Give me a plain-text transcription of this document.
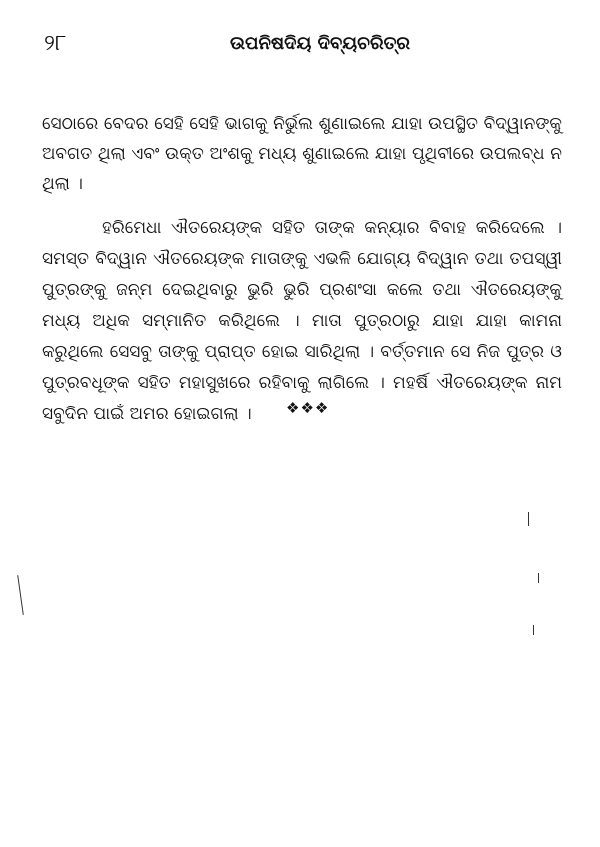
୨୮	ଉପନିଷଦିୟ ଦିବ୍ୟଚରିତ୍ର

ସେଠାରେ ବେଦର ସେହି ସେହି ଭାଗକୁ ନିର୍ଭୁଲ ଶୁଣାଇଲେ ଯାହା ଉପସ୍ଥିତ ବିଦ୍ୱାନଙ୍କୁ ଅବଗତ ଥିଲା ଏବଂ ଉକ୍ତ ଅଂଶକୁ ମଧ୍ୟ ଶୁଣାଇଲେ ଯାହା ପୃଥିବୀରେ ଉପଲବ୍ଧ ନ ଥିଲା ।

ହରିମେଧା ଐତରେୟଙ୍କ ସହିତ ତାଙ୍କ କନ୍ୟାର ବିବାହ କରିଦେଲେ । ସମସ୍ତ ବିଦ୍ୱାନ ଐତରେୟଙ୍କ ମାତାଙ୍କୁ ଏଭଳି ଯୋଗ୍ୟ ବିଦ୍ୱାନ ତଥା ତପସ୍ୱୀ ପୁତ୍ରଙ୍କୁ ଜନ୍ମ ଦେଇଥିବାରୁ ଭୁରି ଭୁରି ପ୍ରଶଂସା କଲେ ତଥା ଐତରେୟଙ୍କୁ ମଧ୍ୟ ଅଧିକ ସମ୍ମାନିତ କରିଥିଲେ । ମାତା ପୁତ୍ରଠାରୁ ଯାହା ଯାହା କାମନା କରୁଥିଲେ ସେସବୁ ତାଙ୍କୁ ପ୍ରାପ୍ତ ହୋଇ ସାରିଥିଲା । ବର୍ତ୍ତମାନ ସେ ନିଜ ପୁତ୍ର ଓ ପୁତ୍ରବଧୂଙ୍କ ସହିତ ମହାସୁଖରେ ରହିବାକୁ ଲାଗିଲେ । ମହର୍ଷି ଐତରେୟଙ୍କ ନାମ ସବୁଦିନ ପାଇଁ ଅମର ହୋଇଗଲା ।	❖❖❖
